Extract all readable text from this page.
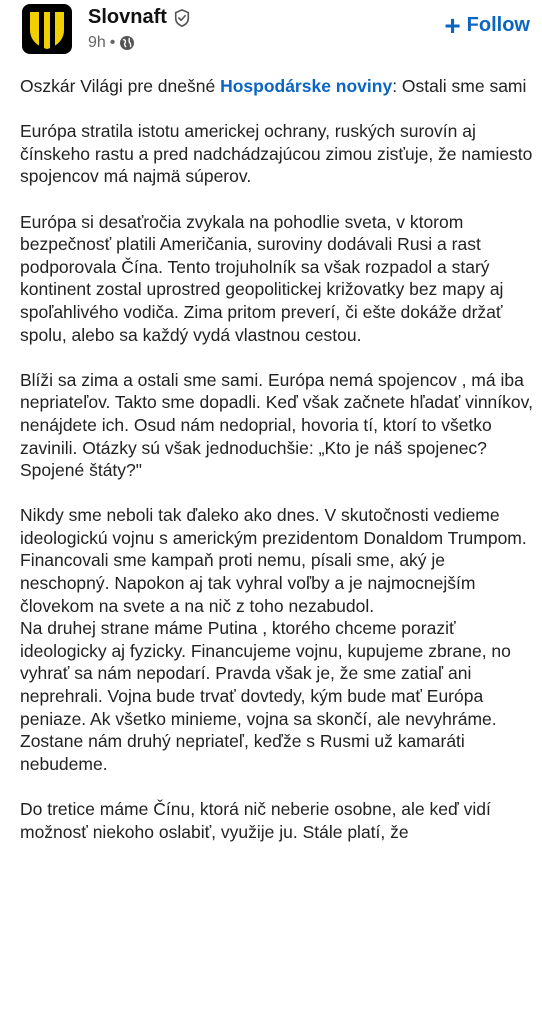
Slovnaft
9h •
+ Follow

Oszkár Világi pre dnešné Hospodárske noviny: Ostali sme sami

Európa stratila istotu americkej ochrany, ruských surovín aj čínskeho rastu a pred nadchádzajúcou zimou zisťuje, že namiesto spojencov má najmä súperov.

Európa si desaťročia zvykala na pohodlie sveta, v ktorom bezpečnosť platili Američania, suroviny dodávali Rusi a rast podporovala Čína. Tento trojuholník sa však rozpadol a starý kontinent zostal uprostred geopolitickej križovatky bez mapy aj spoľahlivého vodiča. Zima pritom preverí, či ešte dokáže držať spolu, alebo sa každý vydá vlastnou cestou.

Blíži sa zima a ostali sme sami. Európa nemá spojencov , má iba nepriateľov. Takto sme dopadli. Keď však začnete hľadať vinníkov, nenájdete ich. Osud nám nedoprial, hovoria tí, ktorí to všetko zavinili. Otázky sú však jednoduchšie: „Kto je náš spojenec? Spojené štáty?"

Nikdy sme neboli tak ďaleko ako dnes. V skutočnosti vedieme ideologickú vojnu s americkým prezidentom Donaldom Trumpom. Financovali sme kampaň proti nemu, písali sme, aký je neschopný. Napokon aj tak vyhral voľby a je najmocnejším človekom na svete a na nič z toho nezabudol.

Na druhej strane máme Putina , ktorého chceme poraziť ideologicky aj fyzicky. Financujeme vojnu, kupujeme zbrane, no vyhrať sa nám nepodarí. Pravda však je, že sme zatiaľ ani neprehrali. Vojna bude trvať dovtedy, kým bude mať Európa peniaze. Ak všetko minieme, vojna sa skončí, ale nevyhráme. Zostane nám druhý nepriateľ, keďže s Rusmi už kamaráti nebudeme.

Do tretice máme Čínu, ktorá nič neberie osobne, ale keď vidí možnosť niekoho oslabiť, využije ju. Stále platí, že
